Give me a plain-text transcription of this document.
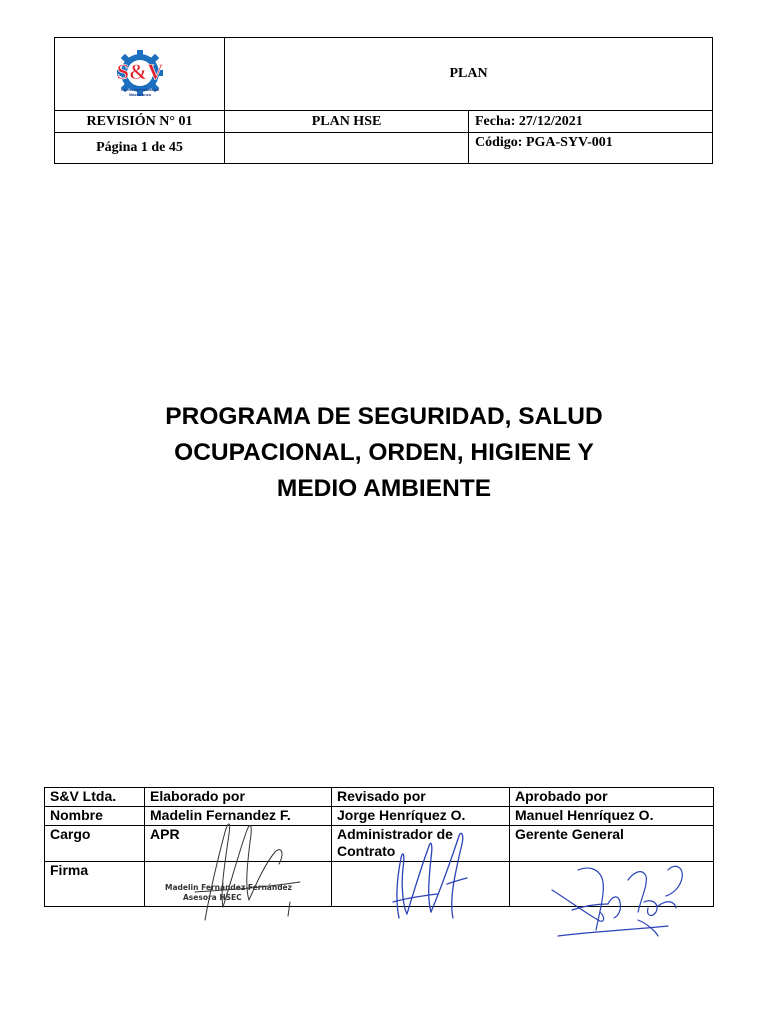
S&V
Comercial Industrial
Maestranza	PLAN	
REVISIÓN N° 01	PLAN HSE	Fecha: 27/12/2021
Página 1 de 45		Código: PGA-SYV-001
PROGRAMA DE SEGURIDAD, SALUD
OCUPACIONAL, ORDEN, HIGIENE Y
MEDIO AMBIENTE
S&V Ltda.	Elaborado por	Revisado por	Aprobado por
Nombre	Madelin Fernandez F.	Jorge Henríquez O.	Manuel Henríquez O.
Cargo	APR	Administrador de Contrato	Gerente General
Firma	Madelin Fernández Fernández
Asesora HSEC
